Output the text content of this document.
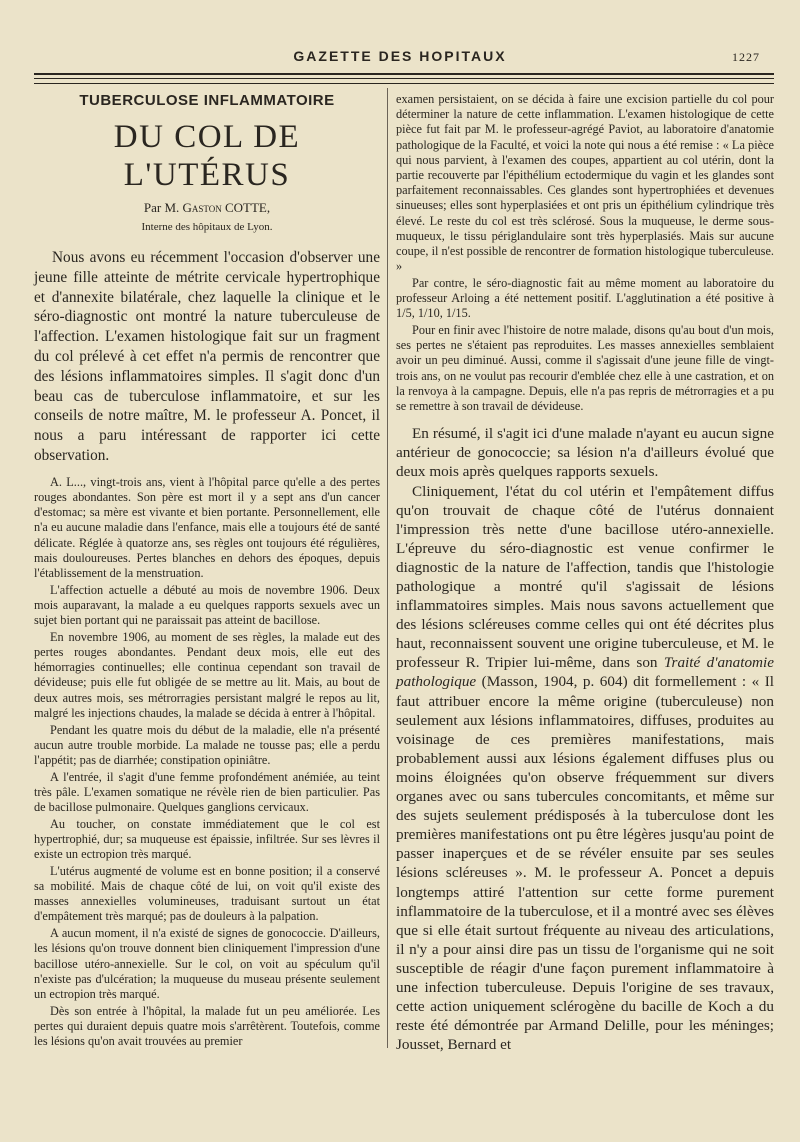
GAZETTE DES HOPITAUX	1227
TUBERCULOSE INFLAMMATOIRE
DU COL DE L'UTÉRUS
Par M. Gaston COTTE,
Interne des hôpitaux de Lyon.

Nous avons eu récemment l'occasion d'observer une jeune fille atteinte de métrite cervicale hypertrophique et d'annexite bilatérale, chez laquelle la clinique et le séro-diagnostic ont montré la nature tuberculeuse de l'affection. L'examen histologique fait sur un fragment du col prélevé à cet effet n'a permis de rencontrer que des lésions inflammatoires simples. Il s'agit donc d'un beau cas de tuberculose inflammatoire, et sur les conseils de notre maître, M. le professeur A. Poncet, il nous a paru intéressant de rapporter ici cette observation.

A. L..., vingt-trois ans, vient à l'hôpital parce qu'elle a des pertes rouges abondantes. Son père est mort il y a sept ans d'un cancer d'estomac; sa mère est vivante et bien portante. Personnellement, elle n'a eu aucune maladie dans l'enfance, mais elle a toujours été de santé délicate. Réglée à quatorze ans, ses règles ont toujours été régulières, mais douloureuses. Pertes blanches en dehors des époques, depuis l'établissement de la menstruation.

L'affection actuelle a débuté au mois de novembre 1906. Deux mois auparavant, la malade a eu quelques rapports sexuels avec un sujet bien portant qui ne paraissait pas atteint de bacillose.

En novembre 1906, au moment de ses règles, la malade eut des pertes rouges abondantes. Pendant deux mois, elle eut des hémorragies continuelles; elle continua cependant son travail de dévideuse; puis elle fut obligée de se mettre au lit. Mais, au bout de deux autres mois, ses métrorragies persistant malgré le repos au lit, malgré les injections chaudes, la malade se décida à entrer à l'hôpital.

Pendant les quatre mois du début de la maladie, elle n'a présenté aucun autre trouble morbide. La malade ne tousse pas; elle a perdu l'appétit; pas de diarrhée; constipation opiniâtre.

A l'entrée, il s'agit d'une femme profondément anémiée, au teint très pâle. L'examen somatique ne révèle rien de bien particulier. Pas de bacillose pulmonaire. Quelques ganglions cervicaux.

Au toucher, on constate immédiatement que le col est hypertrophié, dur; sa muqueuse est épaissie, infiltrée. Sur ses lèvres il existe un ectropion très marqué.

L'utérus augmenté de volume est en bonne position; il a conservé sa mobilité. Mais de chaque côté de lui, on voit qu'il existe des masses annexielles volumineuses, traduisant surtout un état d'empâtement très marqué; pas de douleurs à la palpation.

A aucun moment, il n'a existé de signes de gonococcie. D'ailleurs, les lésions qu'on trouve donnent bien cliniquement l'impression d'une bacillose utéro-annexielle. Sur le col, on voit au spéculum qu'il n'existe pas d'ulcération; la muqueuse du museau présente seulement un ectropion très marqué.

Dès son entrée à l'hôpital, la malade fut un peu améliorée. Les pertes qui duraient depuis quatre mois s'arrêtèrent. Toutefois, comme les lésions qu'on avait trouvées au premier

examen persistaient, on se décida à faire une excision partielle du col pour déterminer la nature de cette inflammation. L'examen histologique de cette pièce fut fait par M. le professeur-agrégé Paviot, au laboratoire d'anatomie pathologique de la Faculté, et voici la note qui nous a été remise : « La pièce qui nous parvient, à l'examen des coupes, appartient au col utérin, dont la partie recouverte par l'épithélium ectodermique du vagin et les glandes sont parfaitement reconnaissables. Ces glandes sont hypertrophiées et devenues sinueuses; elles sont hyperplasiées et ont pris un épithélium cylindrique très élevé. Le reste du col est très sclérosé. Sous la muqueuse, le derme sous-muqueux, le tissu périglandulaire sont très hyperplasiés. Mais sur aucune coupe, il n'est possible de rencontrer de formation histologique tuberculeuse. »

Par contre, le séro-diagnostic fait au même moment au laboratoire du professeur Arloing a été nettement positif. L'agglutination a été positive à 1/5, 1/10, 1/15.

Pour en finir avec l'histoire de notre malade, disons qu'au bout d'un mois, ses pertes ne s'étaient pas reproduites. Les masses annexielles semblaient avoir un peu diminué. Aussi, comme il s'agissait d'une jeune fille de vingt-trois ans, on ne voulut pas recourir d'emblée chez elle à une castration, et on la renvoya à la campagne. Depuis, elle n'a pas repris de métrorragies et a pu se remettre à son travail de dévideuse.

En résumé, il s'agit ici d'une malade n'ayant eu aucun signe antérieur de gonococcie; sa lésion n'a d'ailleurs évolué que deux mois après quelques rapports sexuels.

Cliniquement, l'état du col utérin et l'empâtement diffus qu'on trouvait de chaque côté de l'utérus donnaient l'impression très nette d'une bacillose utéro-annexielle. L'épreuve du séro-diagnostic est venue confirmer le diagnostic de la nature de l'affection, tandis que l'histologie pathologique a montré qu'il s'agissait de lésions inflammatoires simples. Mais nous savons actuellement que des lésions scléreuses comme celles qui ont été décrites plus haut, reconnaissent souvent une origine tuberculeuse, et M. le professeur R. Tripier lui-même, dans son Traité d'anatomie pathologique (Masson, 1904, p. 604) dit formellement : « Il faut attribuer encore la même origine (tuberculeuse) non seulement aux lésions inflammatoires, diffuses, produites au voisinage de ces premières manifestations, mais probablement aussi aux lésions également diffuses plus ou moins éloignées qu'on observe fréquemment sur divers organes avec ou sans tubercules concomitants, et même sur des sujets seulement prédisposés à la tuberculose dont les premières manifestations ont pu être légères jusqu'au point de passer inaperçues et de se révéler ensuite par ses seules lésions scléreuses ». M. le professeur A. Poncet a depuis longtemps attiré l'attention sur cette forme purement inflammatoire de la tuberculose, et il a montré avec ses élèves que si elle était surtout fréquente au niveau des articulations, il n'y a pour ainsi dire pas un tissu de l'organisme qui ne soit susceptible de réagir d'une façon purement inflammatoire à une infection tuberculeuse. Depuis l'origine de ses travaux, cette action uniquement sclérogène du bacille de Koch a du reste été démontrée par Armand Delille, pour les méninges; Jousset, Bernard et
